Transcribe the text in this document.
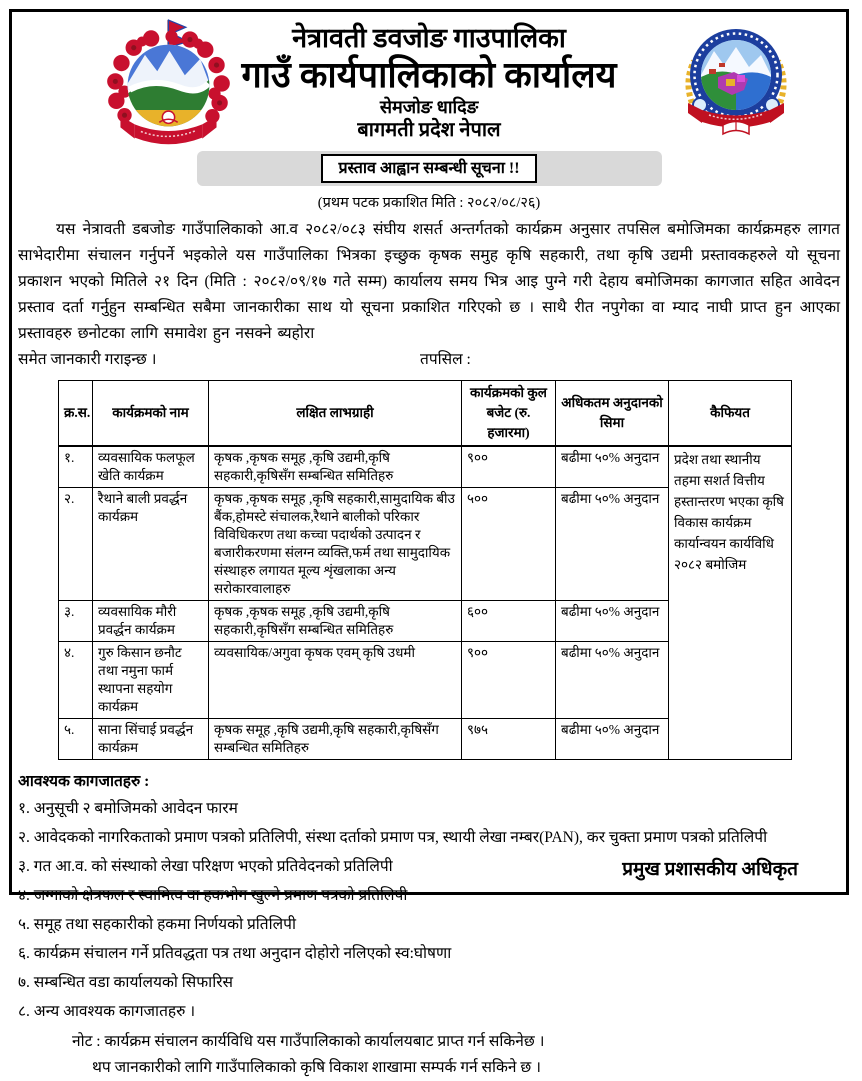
नेत्रावती डवजोङ गाउपालिका
गाउँ कार्यपालिकाको कार्यालय
सेमजोङ धादिङ
बागमती प्रदेश नेपाल
प्रस्ताव आह्वान सम्बन्धी सूचना !!
(प्रथम पटक प्रकाशित मिति : २०८२/०८/२६)
यस नेत्रावती डबजोङ गाउँपालिकाको आ.व २०८२/०८३ संघीय शसर्त अन्तर्गतको कार्यक्रम अनुसार तपसिल बमोजिमका कार्यक्रमहरु लागत साभेदारीमा संचालन गर्नुपर्ने भइकोले यस गाउँपालिका भित्रका इच्छुक कृषक समुह कृषि सहकारी, तथा कृषि उद्यमी प्रस्तावकहरुले यो सूचना प्रकाशन भएको मितिले २१ दिन (मिति : २०८२/०९/१७ गते सम्म) कार्यालय समय भित्र आइ पुग्ने गरी देहाय बमोजिमका कागजात सहित आवेदन प्रस्ताव दर्ता गर्नुहुन सम्बन्धित सबैमा जानकारीका साथ यो सूचना प्रकाशित गरिएको छ । साथै रीत नपुगेका वा म्याद नाघी प्राप्त हुन आएका प्रस्तावहरु छनोटका लागि समावेश हुन नसक्ने ब्यहोरा
समेत जानकारी गराइन्छ ।	तपसिल :
क्र.स.	कार्यक्रमको नाम	लक्षित लाभग्राही	कार्यक्रमको कुल बजेट (रु. हजारमा)	अधिकतम अनुदानको सिमा	कैफियत
१.	व्यवसायिक फलफूल खेति कार्यक्रम	कृषक ,कृषक समूह ,कृषि उद्यमी,कृषि सहकारी,कृषिसँग सम्बन्धित समितिहरु	९००	बढीमा ५०% अनुदान	प्रदेश तथा स्थानीय तहमा सशर्त वित्तीय हस्तान्तरण भएका कृषि विकास कार्यक्रम कार्यान्वयन कार्यविधि २०८२ बमोजिम
२.	रैथाने बाली प्रवर्द्धन कार्यक्रम	कृषक ,कृषक समूह ,कृषि सहकारी,सामुदायिक बीउ बैंक,होमस्टे संचालक,रैथाने बालीको परिकार विविधिकरण तथा कच्चा पदार्थको उत्पादन र बजारीकरणमा संलग्न व्यक्ति,फर्म तथा सामुदायिक संस्थाहरु लगायत मूल्य शृंखलाका अन्य सरोकारवालाहरु	५००	बढीमा ५०% अनुदान	
३.	व्यवसायिक मौरी प्रवर्द्धन कार्यक्रम	कृषक ,कृषक समूह ,कृषि उद्यमी,कृषि सहकारी,कृषिसँग सम्बन्धित समितिहरु	६००	बढीमा ५०% अनुदान	
४.	गुरु किसान छनौट तथा नमुना फार्म स्थापना सहयोग कार्यक्रम	व्यवसायिक/अगुवा कृषक एवम् कृषि उधमी	९००	बढीमा ५०% अनुदान	
५.	साना सिंचाई प्रवर्द्धन कार्यक्रम	कृषक समूह ,कृषि उद्यमी,कृषि सहकारी,कृषिसँग सम्बन्धित समितिहरु	९७५	बढीमा ५०% अनुदान	
आवश्यक कागजातहरु :
१. अनुसूची २ बमोजिमको आवेदन फारम
२. आवेदकको नागरिकताको प्रमाण पत्रको प्रतिलिपी, संस्था दर्ताको प्रमाण पत्र, स्थायी लेखा नम्बर(PAN), कर चुक्ता प्रमाण पत्रको प्रतिलिपी
३. गत आ.व. को संस्थाको लेखा परिक्षण भएको प्रतिवेदनको प्रतिलिपी
४. जग्गाको क्षेत्रफल र स्वामित्व वा हकभोग खुल्ने प्रमाण पत्रको प्रतिलिपी
५. समूह तथा सहकारीको हकमा निर्णयको प्रतिलिपी
६. कार्यक्रम संचालन गर्ने प्रतिवद्धता पत्र तथा अनुदान दोहोरो नलिएको स्व:घोषणा
७. सम्बन्धित वडा कार्यालयको सिफारिस
८. अन्य आवश्यक कागजातहरु ।
नोट : कार्यक्रम संचालन कार्यविधि यस गाउँपालिकाको कार्यालयबाट प्राप्त गर्न सकिनेछ ।
थप जानकारीको लागि गाउँपालिकाको कृषि विकाश शाखामा सम्पर्क गर्न सकिने छ ।
प्रमुख प्रशासकीय अधिकृत
